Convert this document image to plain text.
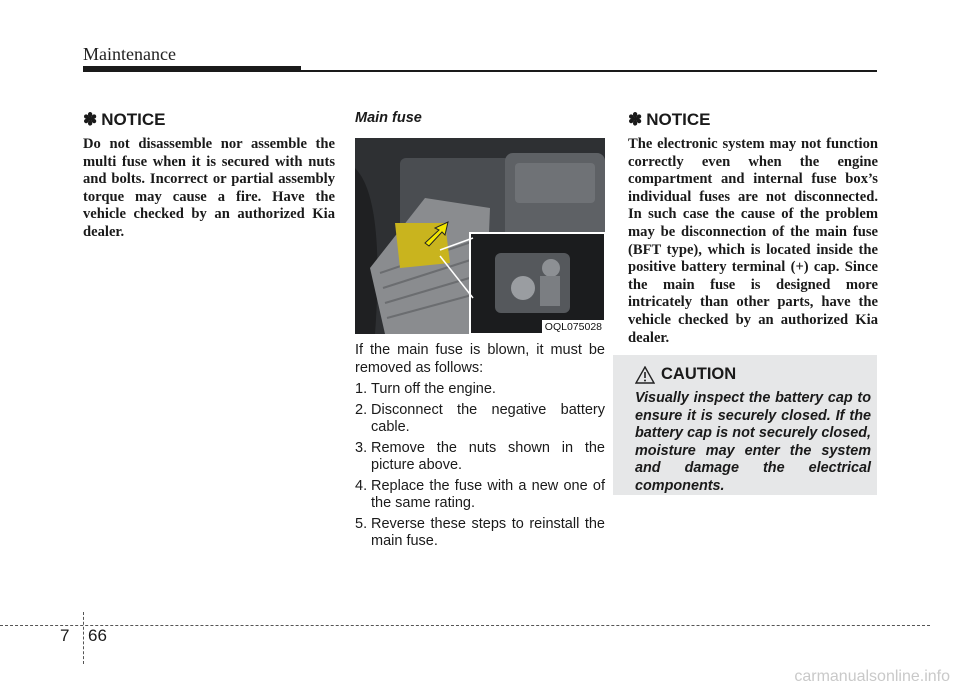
Maintenance
✽ NOTICE

Do not disassemble nor assemble the multi fuse when it is secured with nuts and bolts. Incorrect or partial assembly torque may cause a fire. Have the vehicle checked by an authorized Kia dealer.

Main fuse
OQL075028

If the main fuse is blown, it must be removed as follows:

1. Turn off the engine.
2. Disconnect the negative battery cable.
3. Remove the nuts shown in the picture above.
4. Replace the fuse with a new one of the same rating.
5. Reverse these steps to reinstall the main fuse.
✽ NOTICE

The electronic system may not function correctly even when the engine compartment and internal fuse box’s individual fuses are not disconnected. In such case the cause of the problem may be disconnection of the main fuse (BFT type), which is located inside the positive battery terminal (+) cap. Since the main fuse is designed more intricately than other parts, have the vehicle checked by an authorized Kia dealer.

CAUTION

Visually inspect the battery cap to ensure it is securely closed. If the battery cap is not securely closed, moisture may enter the system and damage the electrical components.

7 66
carmanualsonline.info
